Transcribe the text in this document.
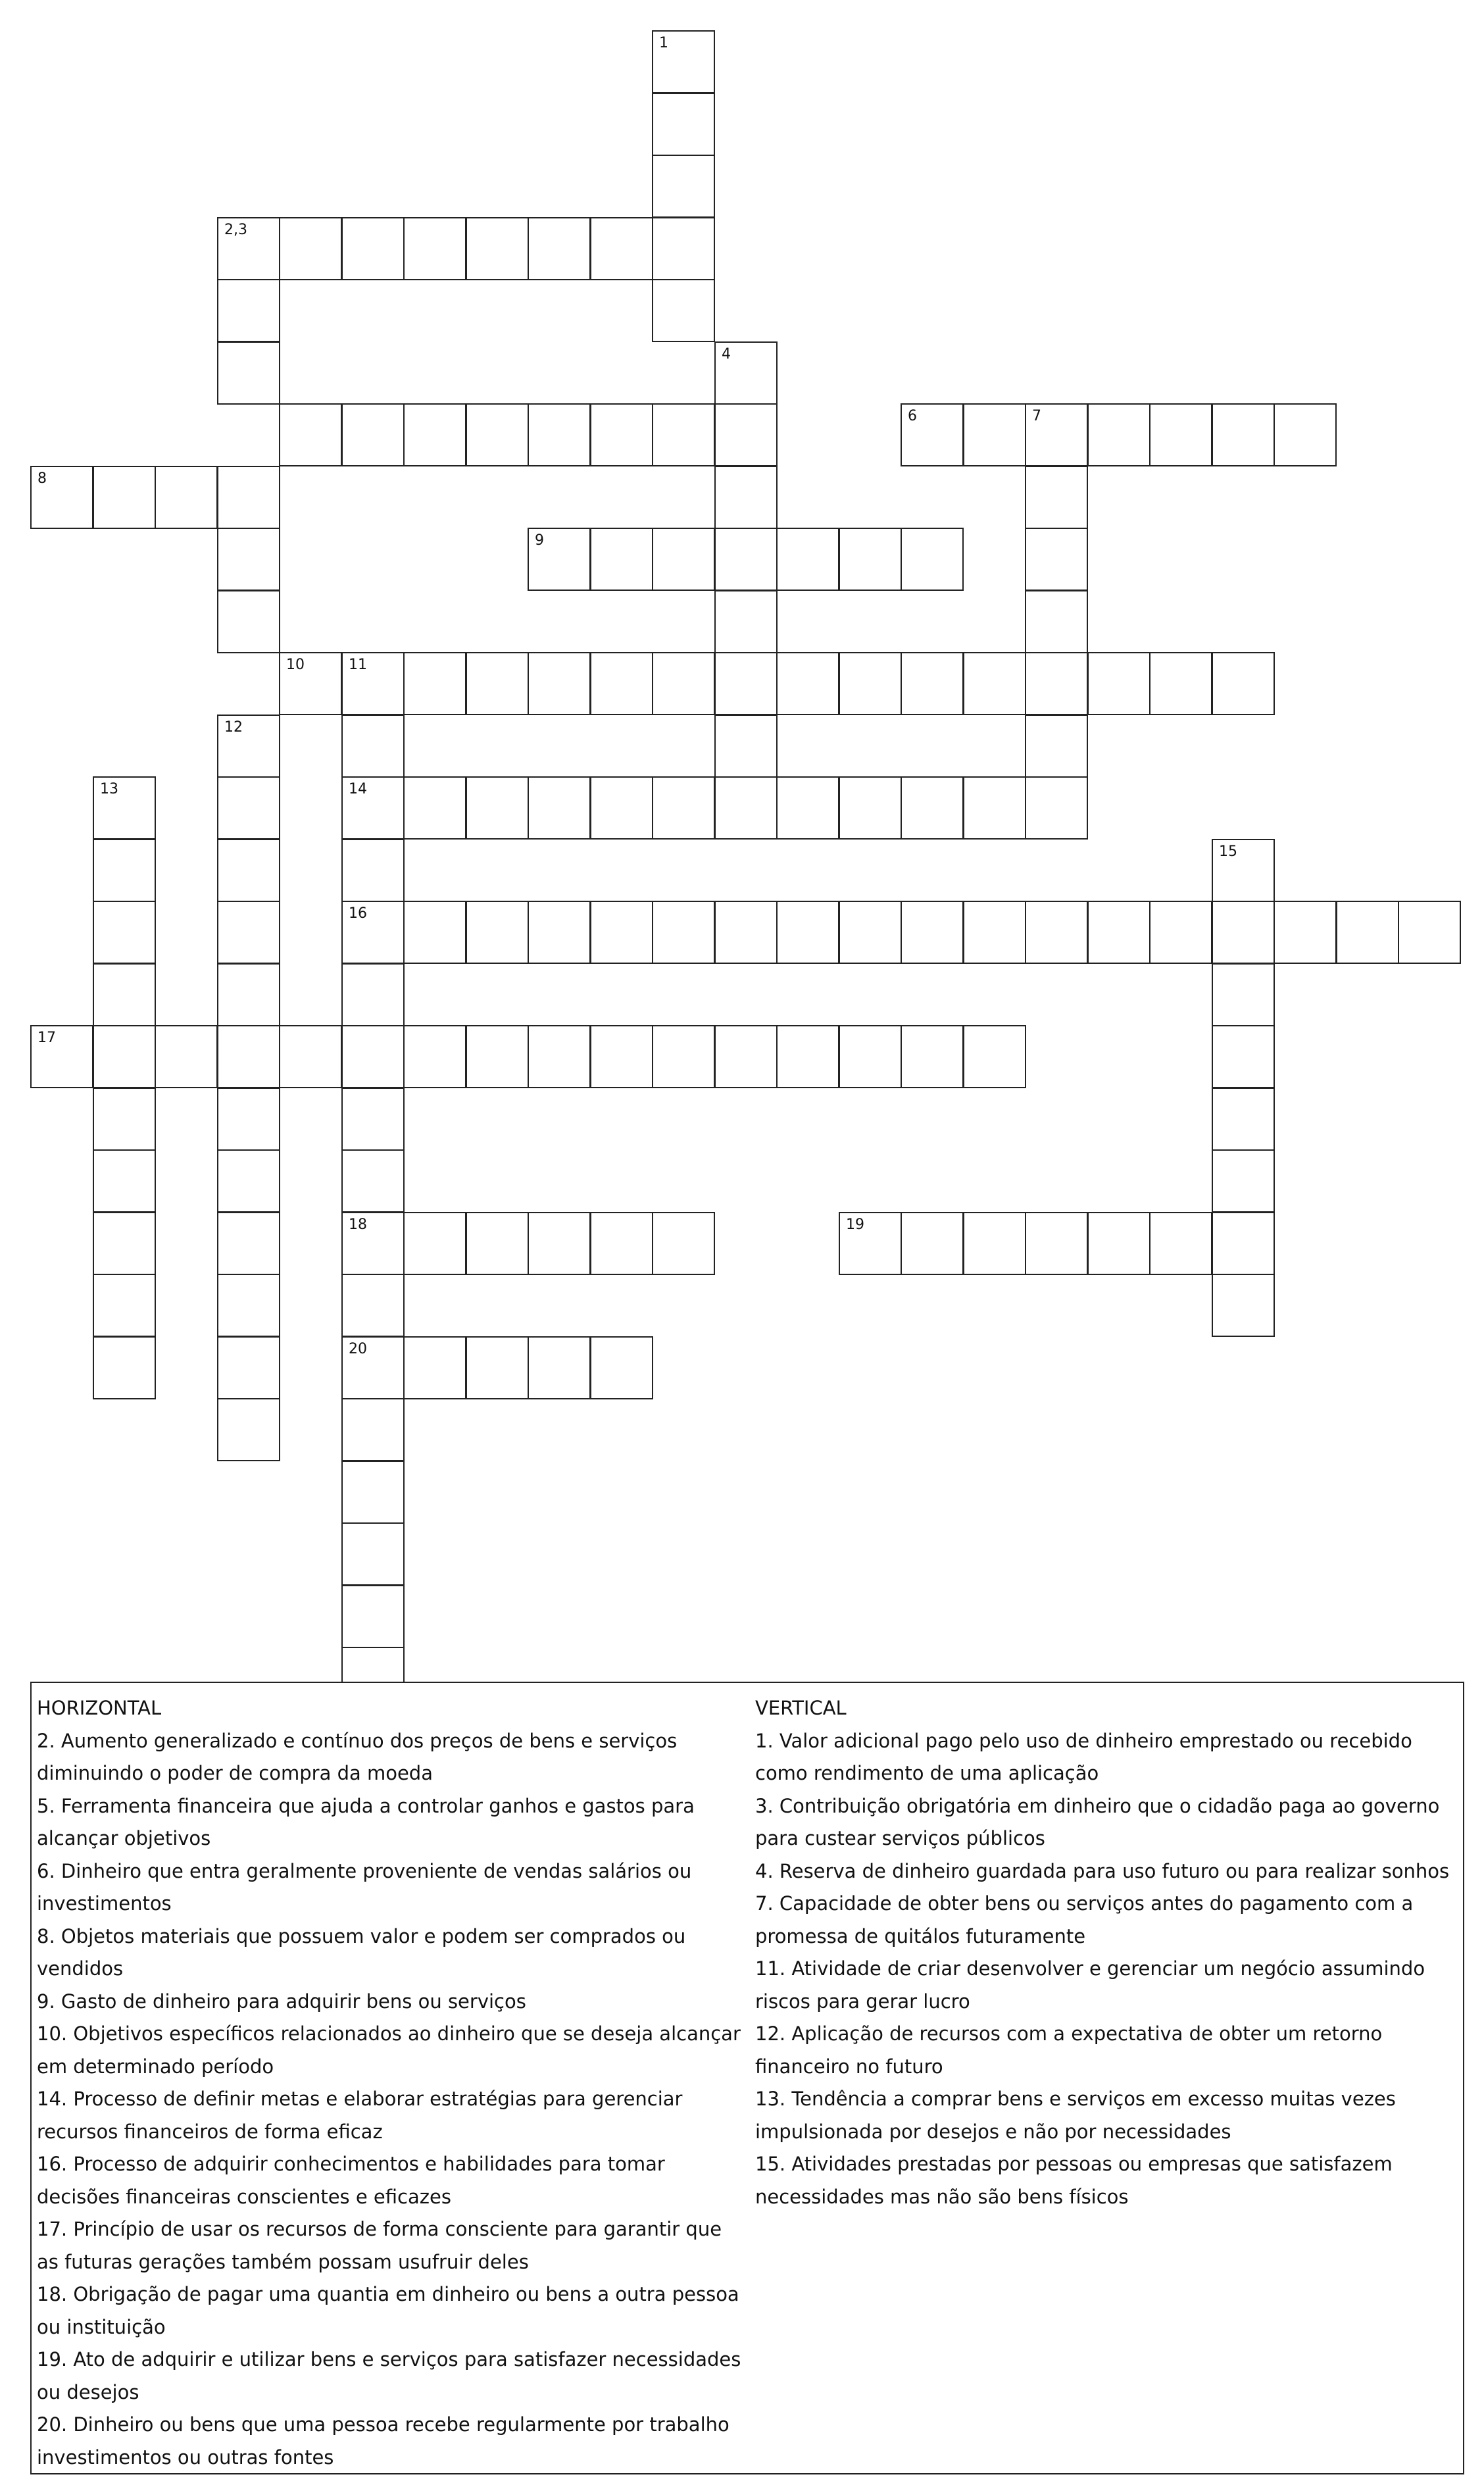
1
2,3
4
6	7
8
9
10	11
12
14
16
18
20
13
15
17
19
HORIZONTAL
2. Aumento generalizado e contínuo dos preços de bens e serviços diminuindo o poder de compra da moeda
5. Ferramenta financeira que ajuda a controlar ganhos e gastos para alcançar objetivos
6. Dinheiro que entra geralmente proveniente de vendas salários ou investimentos
8. Objetos materiais que possuem valor e podem ser comprados ou vendidos
9. Gasto de dinheiro para adquirir bens ou serviços
10. Objetivos específicos relacionados ao dinheiro que se deseja alcançar em determinado período
14. Processo de definir metas e elaborar estratégias para gerenciar recursos financeiros de forma eficaz
16. Processo de adquirir conhecimentos e habilidades para tomar decisões financeiras conscientes e eficazes
17. Princípio de usar os recursos de forma consciente para garantir que as futuras gerações também possam usufruir deles
18. Obrigação de pagar uma quantia em dinheiro ou bens a outra pessoa ou instituição
19. Ato de adquirir e utilizar bens e serviços para satisfazer necessidades ou desejos
20. Dinheiro ou bens que uma pessoa recebe regularmente por trabalho investimentos ou outras fontes
VERTICAL
1. Valor adicional pago pelo uso de dinheiro emprestado ou recebido como rendimento de uma aplicação
3. Contribuição obrigatória em dinheiro que o cidadão paga ao governo para custear serviços públicos
4. Reserva de dinheiro guardada para uso futuro ou para realizar sonhos
7. Capacidade de obter bens ou serviços antes do pagamento com a promessa de quitálos futuramente
11. Atividade de criar desenvolver e gerenciar um negócio assumindo riscos para gerar lucro
12. Aplicação de recursos com a expectativa de obter um retorno financeiro no futuro
13. Tendência a comprar bens e serviços em excesso muitas vezes impulsionada por desejos e não por necessidades
15. Atividades prestadas por pessoas ou empresas que satisfazem necessidades mas não são bens físicos
